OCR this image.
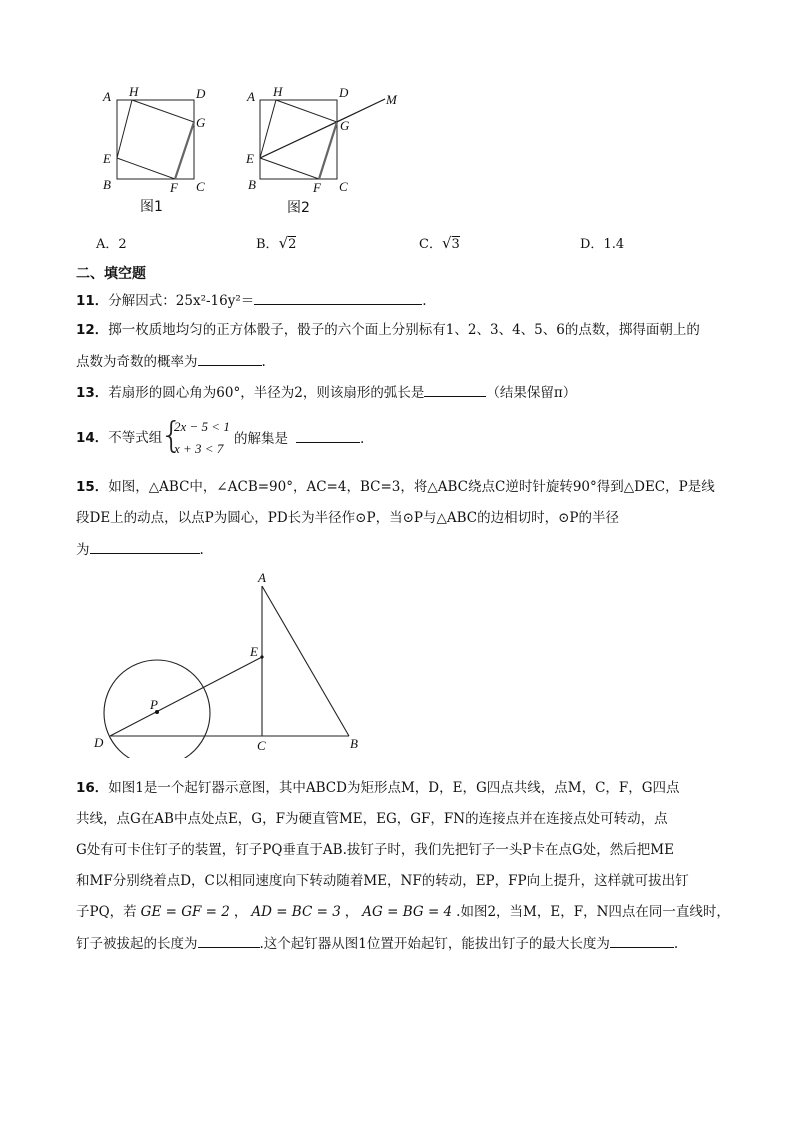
A H	D
G
E
B	F C
图1
A H	D	M
G
E
B	F C
图2
A．2	B．√2	C．√3	D．1.4
二、填空题
11．分解因式：25x²-16y²＝	.
12．掷一枚质地均匀的正方体骰子，骰子的六个面上分别标有1、2、3、4、5、6的点数，掷得面朝上的
点数为奇数的概率为	.
13．若扇形的圆心角为60°，半径为2，则该扇形的弧长是	（结果保留π）
14．不等式组
{
2x − 5 < 1
x + 3 < 7
的解集是	.
15．如图，△ABC中，∠ACB=90°，AC=4，BC=3，将△ABC绕点C逆时针旋转90°得到△DEC，P是线
段DE上的动点，以点P为圆心，PD长为半径作⊙P，当⊙P与△ABC的边相切时，⊙P的半径
为	.
A
E
P
D	C	B
16．如图1是一个起钉器示意图，其中ABCD为矩形点M，D，E，G四点共线，点M，C，F，G四点
共线，点G在AB中点处点E，G，F为硬直管ME，EG，GF，FN的连接点并在连接点处可转动，点
G处有可卡住钉子的装置，钉子PQ垂直于AB.拔钉子时，我们先把钉子一头P卡在点G处，然后把ME
和MF分别绕着点D，C以相同速度向下转动随着ME，NF的转动，EP，FP向上提升，这样就可拔出钉
子PQ，若 GE = GF = 2 ， AD = BC = 3 ， AG = BG = 4 .如图2，当M，E，F，N四点在同一直线时，
钉子被拔起的长度为	.这个起钉器从图1位置开始起钉，能拔出钉子的最大长度为	.
